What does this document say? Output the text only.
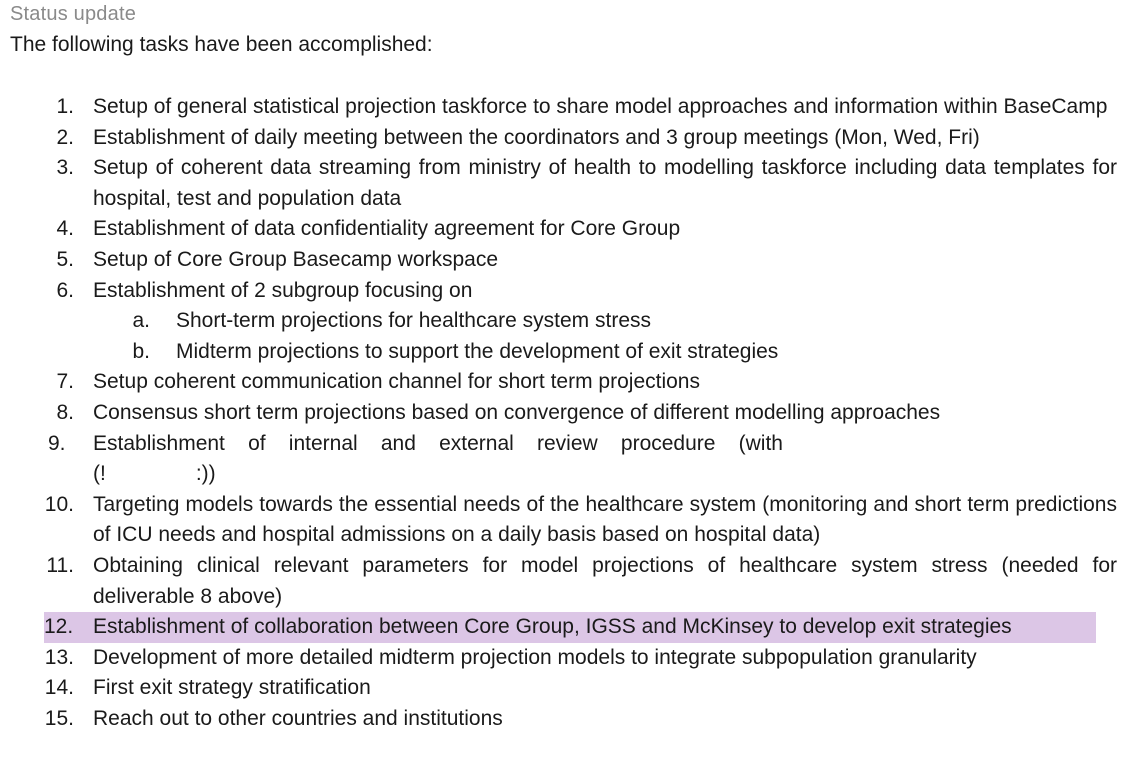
Status update
The following tasks have been accomplished:
1. Setup of general statistical projection taskforce to share model approaches and information within BaseCamp
2. Establishment of daily meeting between the coordinators and 3 group meetings (Mon, Wed, Fri)
3. Setup of coherent data streaming from ministry of health to modelling taskforce including data templates for hospital, test and population data
4. Establishment of data confidentiality agreement for Core Group
5. Setup of Core Group Basecamp workspace
6. Establishment of 2 subgroup focusing on
a. Short-term projections for healthcare system stress
b. Midterm projections to support the development of exit strategies
7. Setup coherent communication channel for short term projections
8. Consensus short term projections based on convergence of different modelling approaches
9.	Establishment of internal and external review procedure (with
(!	:))
10. Targeting models towards the essential needs of the healthcare system (monitoring and short term predictions of ICU needs and hospital admissions on a daily basis based on hospital data)
11. Obtaining clinical relevant parameters for model projections of healthcare system stress (needed for deliverable 8 above)
12. Establishment of collaboration between Core Group, IGSS and McKinsey to develop exit strategies
13. Development of more detailed midterm projection models to integrate subpopulation granularity
14. First exit strategy stratification
15. Reach out to other countries and institutions
